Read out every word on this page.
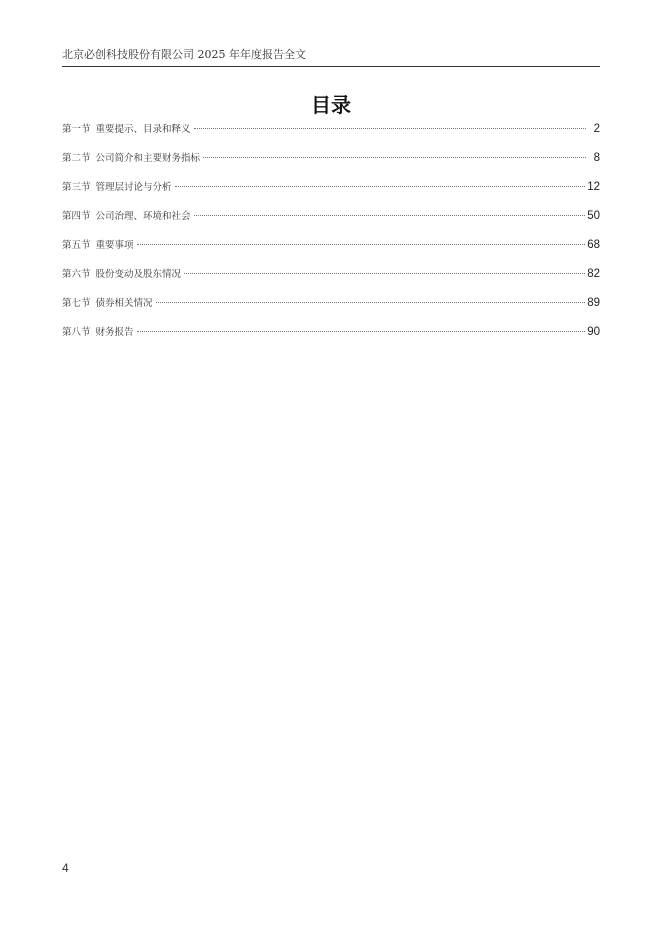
北京必创科技股份有限公司 2025 年年度报告全文
目录
第一节 重要提示、目录和释义	2
第二节 公司简介和主要财务指标	8
第三节 管理层讨论与分析	12
第四节 公司治理、环境和社会	50
第五节 重要事项	68
第六节 股份变动及股东情况	82
第七节 债券相关情况	89
第八节 财务报告	90
4
